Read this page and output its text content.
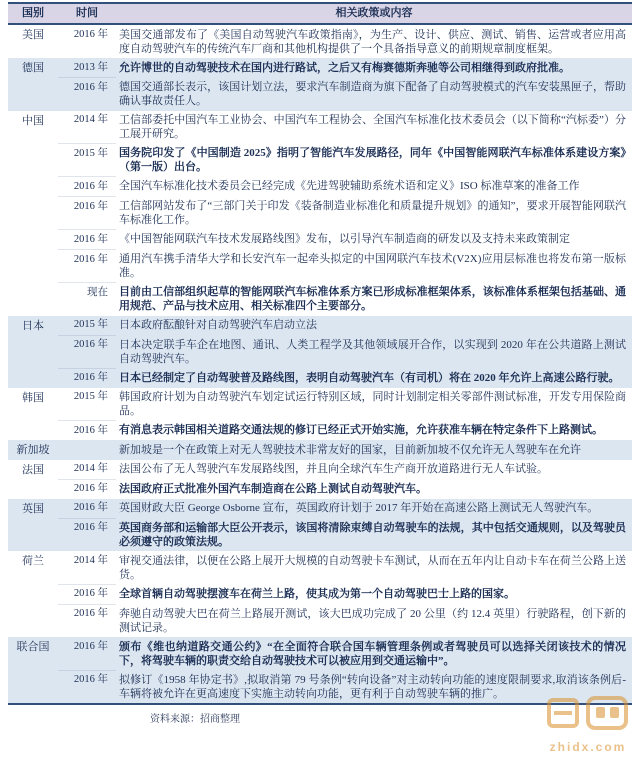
国别	时间	相关政策或内容
美国	2016 年	美国交通部发布了《美国自动驾驶汽车政策指南》，为生产、设计、供应、测试、销售、运营或者应用高度自动驾驶汽车的传统汽车厂商和其他机构提供了一个具备指导意义的前期规章制度框架。
德国	2013 年	允许博世的自动驾驶技术在国内进行路试，之后又有梅赛德斯奔驰等公司相继得到政府批准。
	2016 年	德国交通部长表示，该国计划立法，要求汽车制造商为旗下配备了自动驾驶模式的汽车安装黑匣子，帮助确认事故责任人。
中国	2014 年	工信部委托中国汽车工业协会、中国汽车工程协会、全国汽车标准化技术委员会（以下简称“汽标委”）分工展开研究。
	2015 年	国务院印发了《中国制造 2025》指明了智能汽车发展路径，同年《中国智能网联汽车标准体系建设方案》（第一版）出台。
	2016 年	全国汽车标准化技术委员会已经完成《先进驾驶辅助系统术语和定义》ISO 标准草案的准备工作
	2016 年	工信部网站发布了“三部门关于印发《装备制造业标准化和质量提升规划》的通知”，要求开展智能网联汽车标准化工作。
	2016 年	《中国智能网联汽车技术发展路线图》发布，以引导汽车制造商的研发以及支持未来政策制定
	2016 年	通用汽车携手清华大学和长安汽车一起牵头拟定的中国网联汽车技术(V2X)应用层标准也将发布第一版标准。
	现在	目前由工信部组织起草的智能网联汽车标准体系方案已形成标准框架体系，该标准体系框架包括基础、通用规范、产品与技术应用、相关标准四个主要部分。
日本	2015 年	日本政府酝酿针对自动驾驶汽车启动立法
	2016 年	日本决定联手车企在地图、通讯、人类工程学及其他领域展开合作，以实现到 2020 年在公共道路上测试自动驾驶汽车。
	2016 年	日本已经制定了自动驾驶普及路线图，表明自动驾驶汽车（有司机）将在 2020 年允许上高速公路行驶。
韩国	2015 年	韩国政府计划为自动驾驶汽车划定试运行特别区域，同时计划制定相关零部件测试标准，开发专用保险商品。
	2016 年	有消息表示韩国相关道路交通法规的修订已经正式开始实施，允许获准车辆在特定条件下上路测试。
新加坡		新加坡是一个在政策上对无人驾驶技术非常友好的国家，目前新加坡不仅允许无人驾驶车在允许
法国	2014 年	法国公布了无人驾驶汽车发展路线图，并且向全球汽车生产商开放道路进行无人车试验。
	2016 年	法国政府正式批准外国汽车制造商在公路上测试自动驾驶汽车。
英国	2016 年	英国财政大臣 George Osborne 宣布，英国政府计划于 2017 年开始在高速公路上测试无人驾驶汽车。
	2016 年	英国商务部和运输部大臣公开表示，该国将清除束缚自动驾驶车的法规，其中包括交通规则，以及驾驶员必须遵守的政策法规。
荷兰	2014 年	审视交通法律，以便在公路上展开大规模的自动驾驶卡车测试，从而在五年内让自动卡车在荷兰公路上送货。
	2016 年	全球首辆自动驾驶摆渡车在荷兰上路，使其成为第一个自动驾驶巴士上路的国家。
	2016 年	奔驰自动驾驶大巴在荷兰上路展开测试，该大巴成功完成了 20 公里（约 12.4 英里）行驶路程，创下新的测试记录。
联合国	2016 年	颁布《维也纳道路交通公约》“在全面符合联合国车辆管理条例或者驾驶员可以选择关闭该技术的情况下，将驾驶车辆的职责交给自动驾驶技术可以被应用到交通运输中”。
	2016 年	拟修订《1958 年协定书》,拟取消第 79 号条例“转向设备”对主动转向功能的速度限制要求,取消该条例后-车辆将被允许在更高速度下实施主动转向功能，更有利于自动驾驶车辆的推广。
资料来源：招商整理
zhidx.com
